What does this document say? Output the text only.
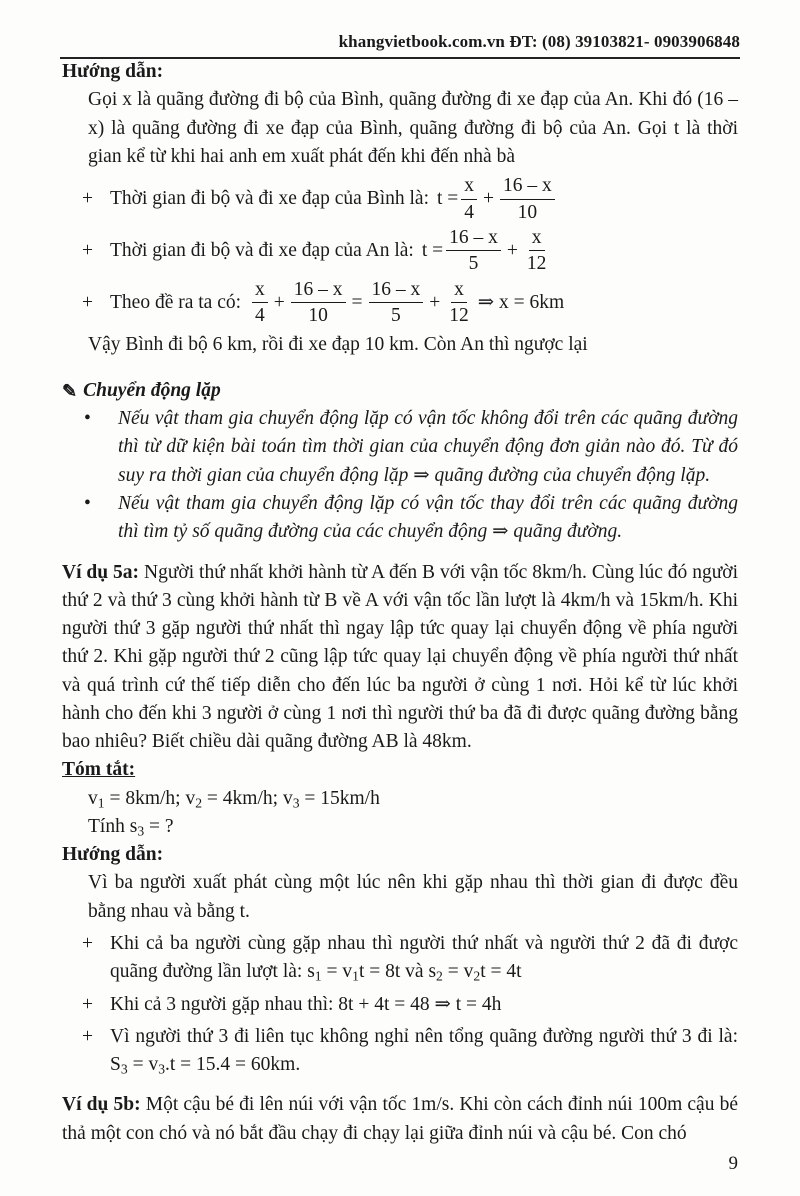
khangvietbook.com.vn ĐT: (08) 39103821- 0903906848
Hướng dẫn:
Gọi x là quãng đường đi bộ của Bình, quãng đường đi xe đạp của An. Khi đó (16 – x) là quãng đường đi xe đạp của Bình, quãng đường đi bộ của An. Gọi t là thời gian kể từ khi hai anh em xuất phát đến khi đến nhà bà
+ Thời gian đi bộ và đi xe đạp của Bình là: $t = \frac{x}{4} + \frac{16 - x}{10}$
+ Thời gian đi bộ và đi xe đạp của An là: $t = \frac{16 - x}{5} + \frac{x}{12}$
+ Theo đề ra ta có: $\frac{x}{4} + \frac{16 - x}{10} = \frac{16 - x}{5} + \frac{x}{12}$ ⇒ x = 6km
Vậy Bình đi bộ 6 km, rồi đi xe đạp 10 km. Còn An thì ngược lại
✎ Chuyển động lặp
•	Nếu vật tham gia chuyển động lặp có vận tốc không đổi trên các quãng đường thì từ dữ kiện bài toán tìm thời gian của chuyển động đơn giản nào đó. Từ đó suy ra thời gian của chuyển động lặp ⇒ quãng đường của chuyển động lặp.
•	Nếu vật tham gia chuyển động lặp có vận tốc thay đổi trên các quãng đường thì tìm tỷ số quãng đường của các chuyển động ⇒ quãng đường.
Ví dụ 5a: Người thứ nhất khởi hành từ A đến B với vận tốc 8km/h. Cùng lúc đó người thứ 2 và thứ 3 cùng khởi hành từ B về A với vận tốc lần lượt là 4km/h và 15km/h. Khi người thứ 3 gặp người thứ nhất thì ngay lập tức quay lại chuyển động về phía người thứ 2. Khi gặp người thứ 2 cũng lập tức quay lại chuyển động về phía người thứ nhất và quá trình cứ thế tiếp diễn cho đến lúc ba người ở cùng 1 nơi. Hỏi kể từ lúc khởi hành cho đến khi 3 người ở cùng 1 nơi thì người thứ ba đã đi được quãng đường bằng bao nhiêu? Biết chiều dài quãng đường AB là 48km.
Tóm tắt:
$v_1 = 8km/h$; $v_2 = 4km/h$; $v_3 = 15km/h$
Tính $s_3$ = ?
Hướng dẫn:
Vì ba người xuất phát cùng một lúc nên khi gặp nhau thì thời gian đi được đều bằng nhau và bằng t.
+ Khi cả ba người cùng gặp nhau thì người thứ nhất và người thứ 2 đã đi được quãng đường lần lượt là: $s_1 = v_1t = 8t$ và $s_2 = v_2t = 4t$
+ Khi cả 3 người gặp nhau thì: 8t + 4t = 48 ⇒ t = 4h
+ Vì người thứ 3 đi liên tục không nghỉ nên tổng quãng đường người thứ 3 đi là: $S_3 = v_3.t = 15.4 = 60km$.
Ví dụ 5b: Một cậu bé đi lên núi với vận tốc 1m/s. Khi còn cách đỉnh núi 100m cậu bé thả một con chó và nó bắt đầu chạy đi chạy lại giữa đỉnh núi và cậu bé. Con chó
9
